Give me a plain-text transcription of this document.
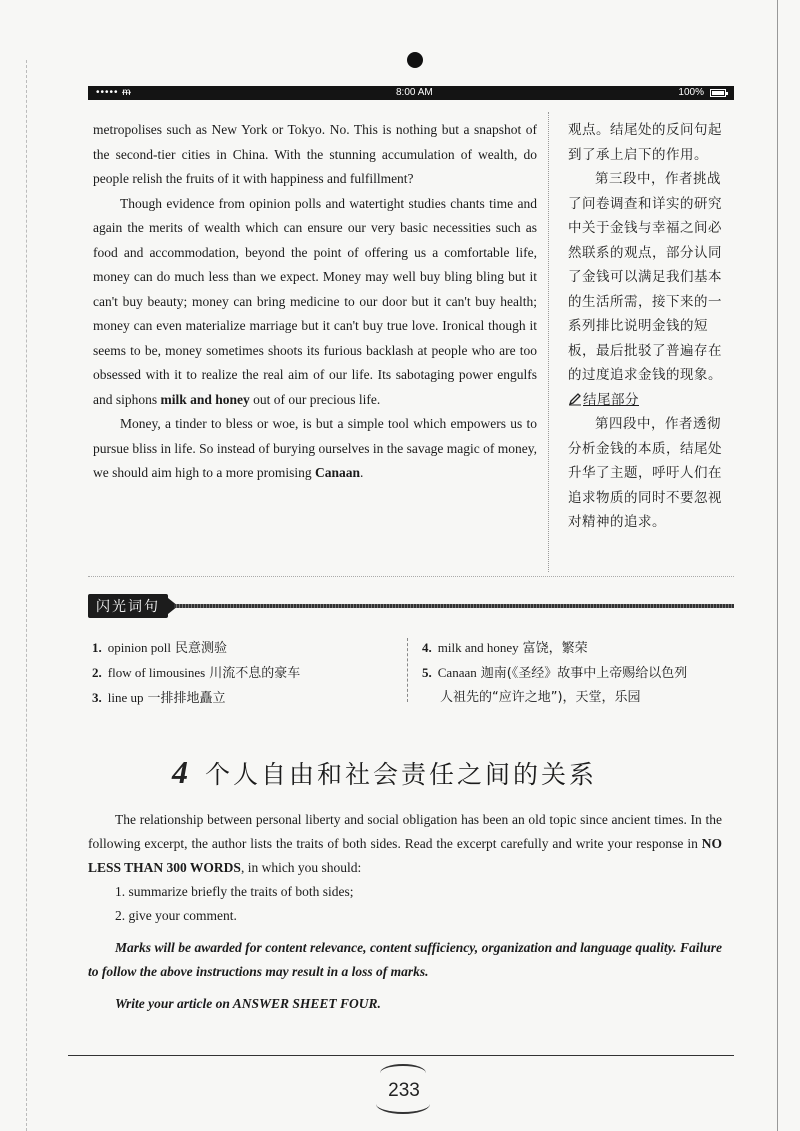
••••• ᵯ	8:00 AM	100%

metropolises such as New York or Tokyo. No. This is nothing but a snapshot of the second-tier cities in China. With the stunning accumulation of wealth, do people relish the fruits of it with happiness and fulfillment?

Though evidence from opinion polls and watertight studies chants time and again the merits of wealth which can ensure our very basic necessities such as food and accommodation, beyond the point of offering us a comfortable life, money can do much less than we expect. Money may well buy bling bling but it can't buy beauty; money can bring medicine to our door but it can't buy health; money can even materialize marriage but it can't buy true love. Ironical though it seems to be, money sometimes shoots its furious backlash at people who are too obsessed with it to realize the real aim of our life. Its sabotaging power engulfs and siphons milk and honey out of our precious life.

Money, a tinder to bless or woe, is but a simple tool which empowers us to pursue bliss in life. So instead of burying ourselves in the savage magic of money, we should aim high to a more promising Canaan.

观点。结尾处的反问句起到了承上启下的作用。

第三段中，作者挑战了问卷调查和详实的研究中关于金钱与幸福之间必然联系的观点，部分认同了金钱可以满足我们基本的生活所需，接下来的一系列排比说明金钱的短板，最后批驳了普遍存在的过度追求金钱的现象。

结尾部分

第四段中，作者透彻分析金钱的本质，结尾处升华了主题，呼吁人们在追求物质的同时不要忽视对精神的追求。

闪光词句
1. opinion poll 民意测验
2. flow of limousines 川流不息的豪车
3. line up 一排排地矗立
4. milk and honey 富饶，繁荣
5. Canaan 迦南(《圣经》故事中上帝赐给以色列
人祖先的“应许之地”)，天堂，乐园
4 个人自由和社会责任之间的关系

The relationship between personal liberty and social obligation has been an old topic since ancient times. In the following excerpt, the author lists the traits of both sides. Read the excerpt carefully and write your response in NO LESS THAN 300 WORDS, in which you should:

1. summarize briefly the traits of both sides;

2. give your comment.

Marks will be awarded for content relevance, content sufficiency, organization and language quality. Failure to follow the above instructions may result in a loss of marks.

Write your article on ANSWER SHEET FOUR.

233
